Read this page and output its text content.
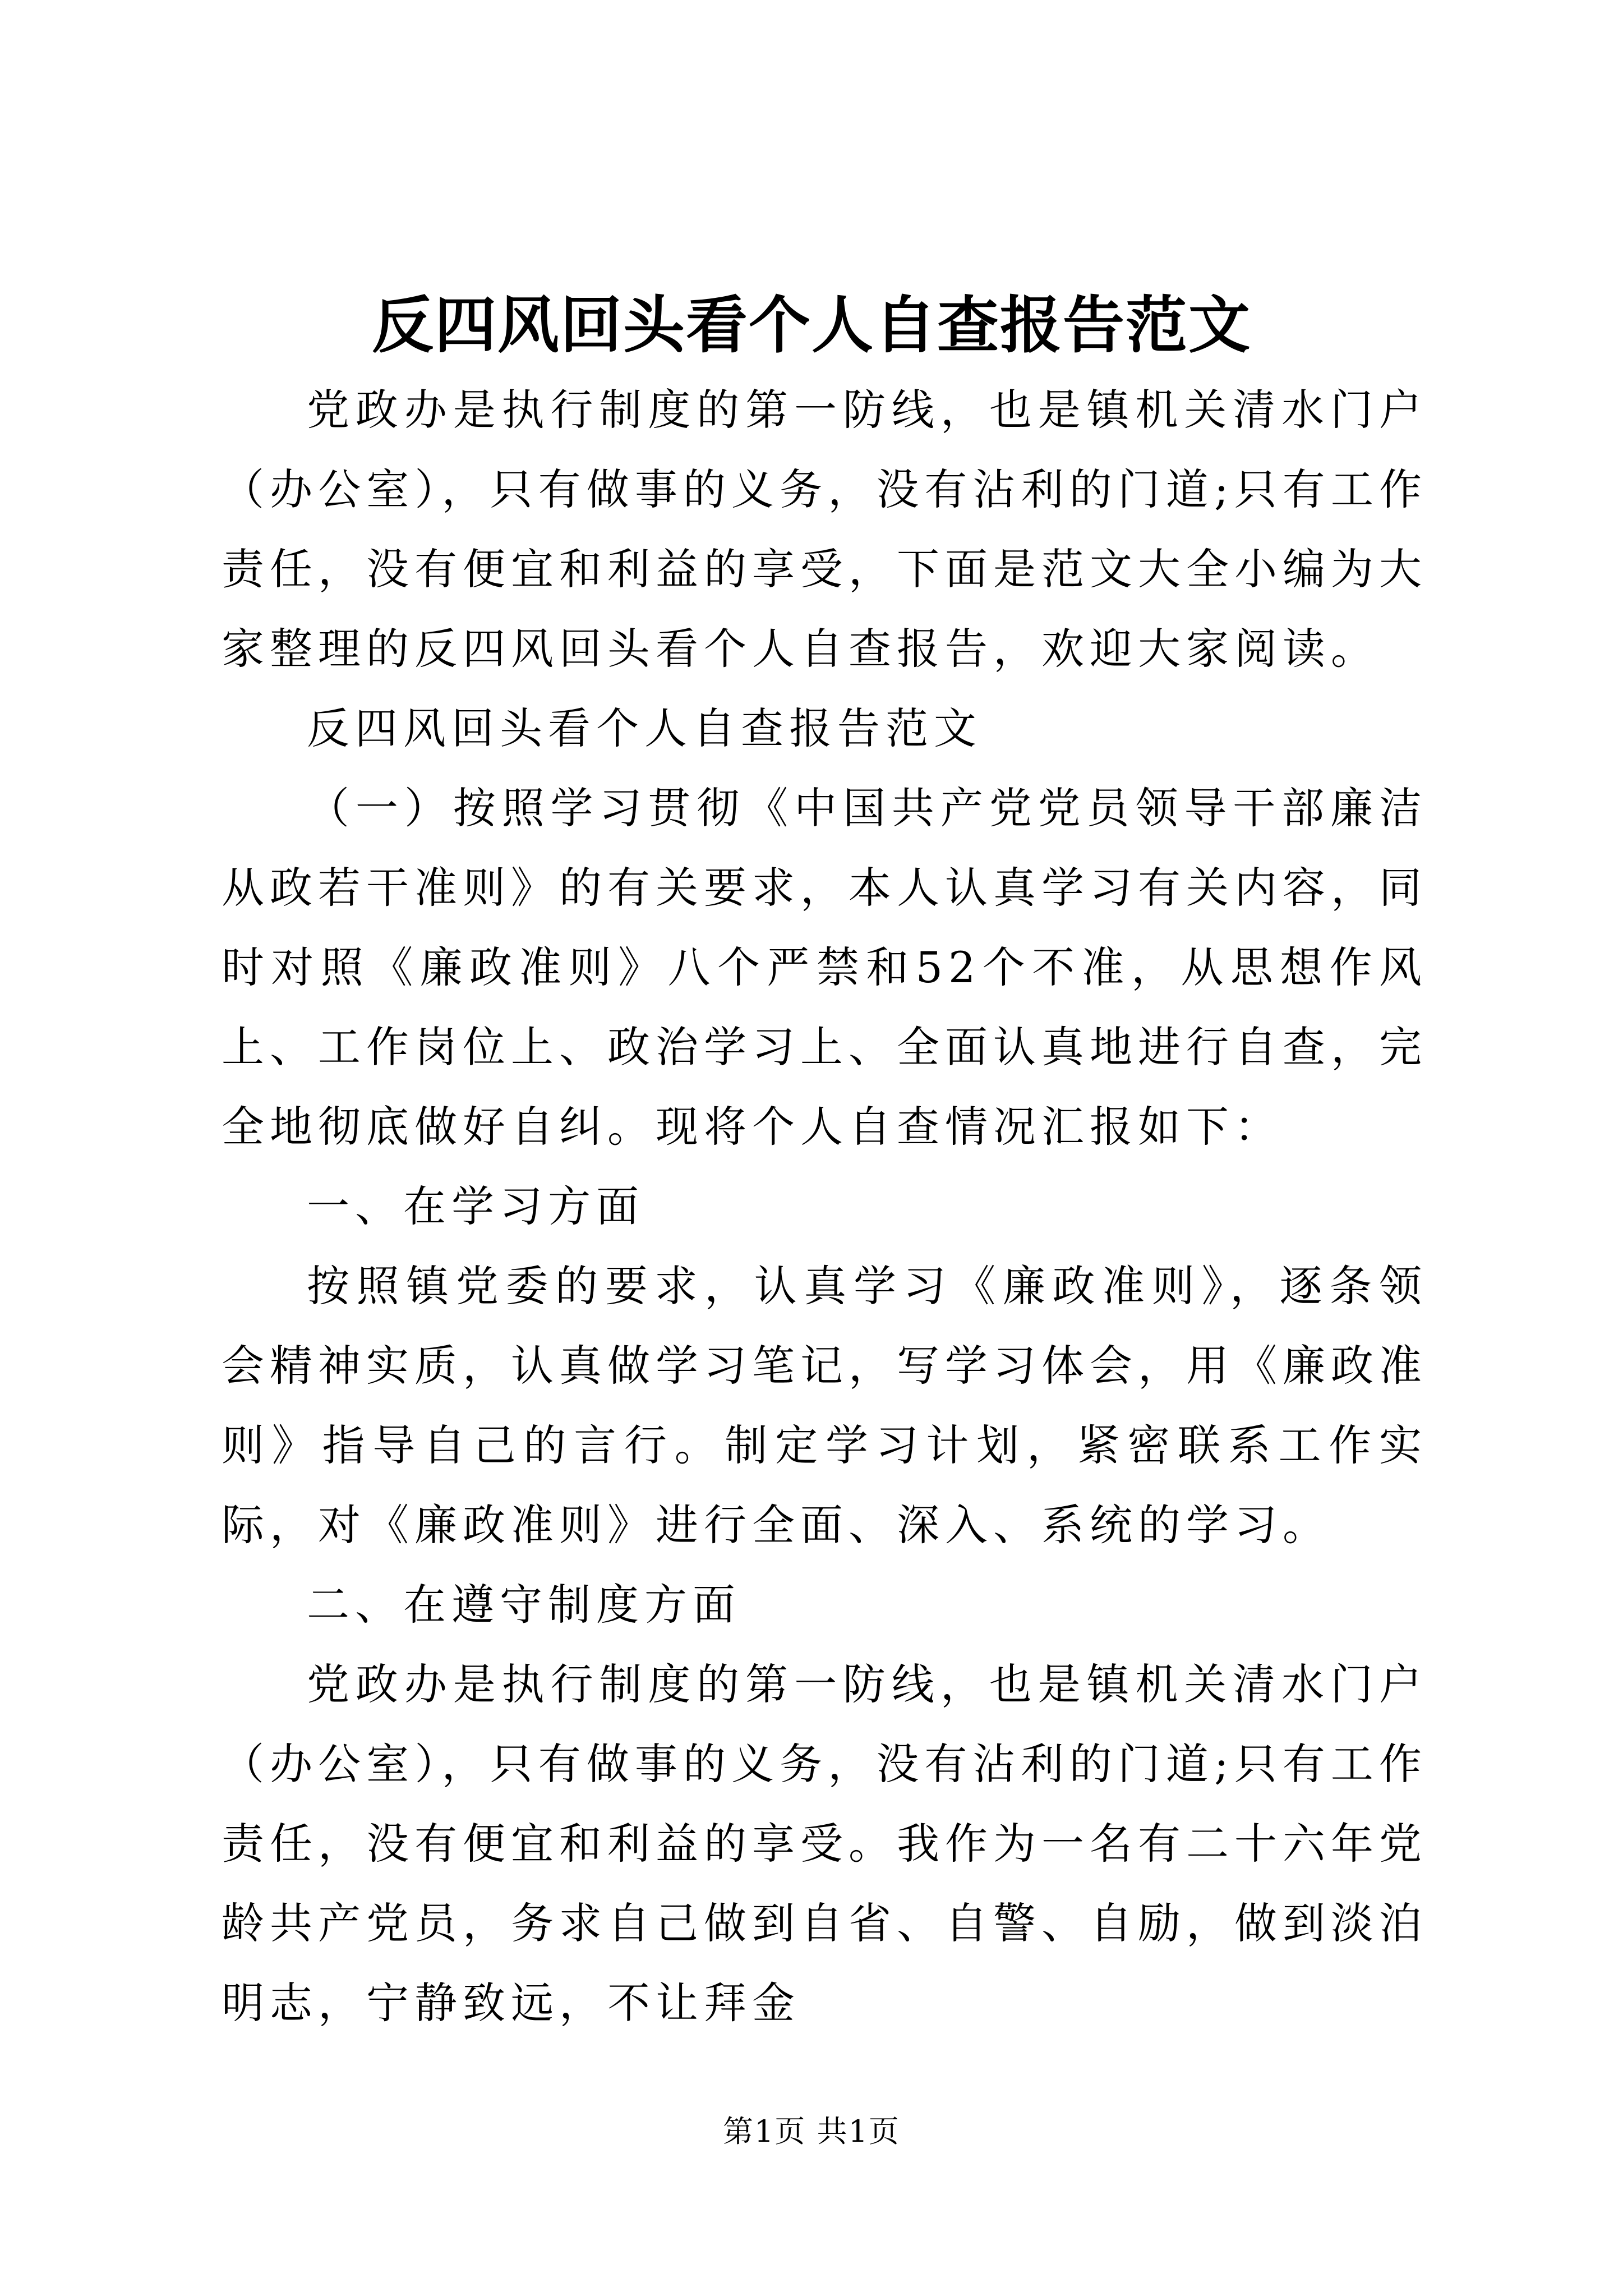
反四风回头看个人自查报告范文

党政办是执行制度的第一防线，也是镇机关清水门户（办公室），只有做事的义务，没有沾利的门道;只有工作责任，没有便宜和利益的享受，下面是范文大全小编为大家整理的反四风回头看个人自查报告，欢迎大家阅读。

反四风回头看个人自查报告范文

（一）按照学习贯彻《中国共产党党员领导干部廉洁从政若干准则》的有关要求，本人认真学习有关内容，同时对照《廉政准则》八个严禁和52个不准，从思想作风上、工作岗位上、政治学习上、全面认真地进行自查，完全地彻底做好自纠。现将个人自查情况汇报如下：

一、在学习方面

按照镇党委的要求，认真学习《廉政准则》，逐条领会精神实质，认真做学习笔记，写学习体会，用《廉政准则》指导自己的言行。制定学习计划，紧密联系工作实际，对《廉政准则》进行全面、深入、系统的学习。

二、在遵守制度方面

党政办是执行制度的第一防线，也是镇机关清水门户（办公室），只有做事的义务，没有沾利的门道;只有工作责任，没有便宜和利益的享受。我作为一名有二十六年党龄共产党员，务求自己做到自省、自警、自励，做到淡泊明志，宁静致远，不让拜金

第1页 共1页
